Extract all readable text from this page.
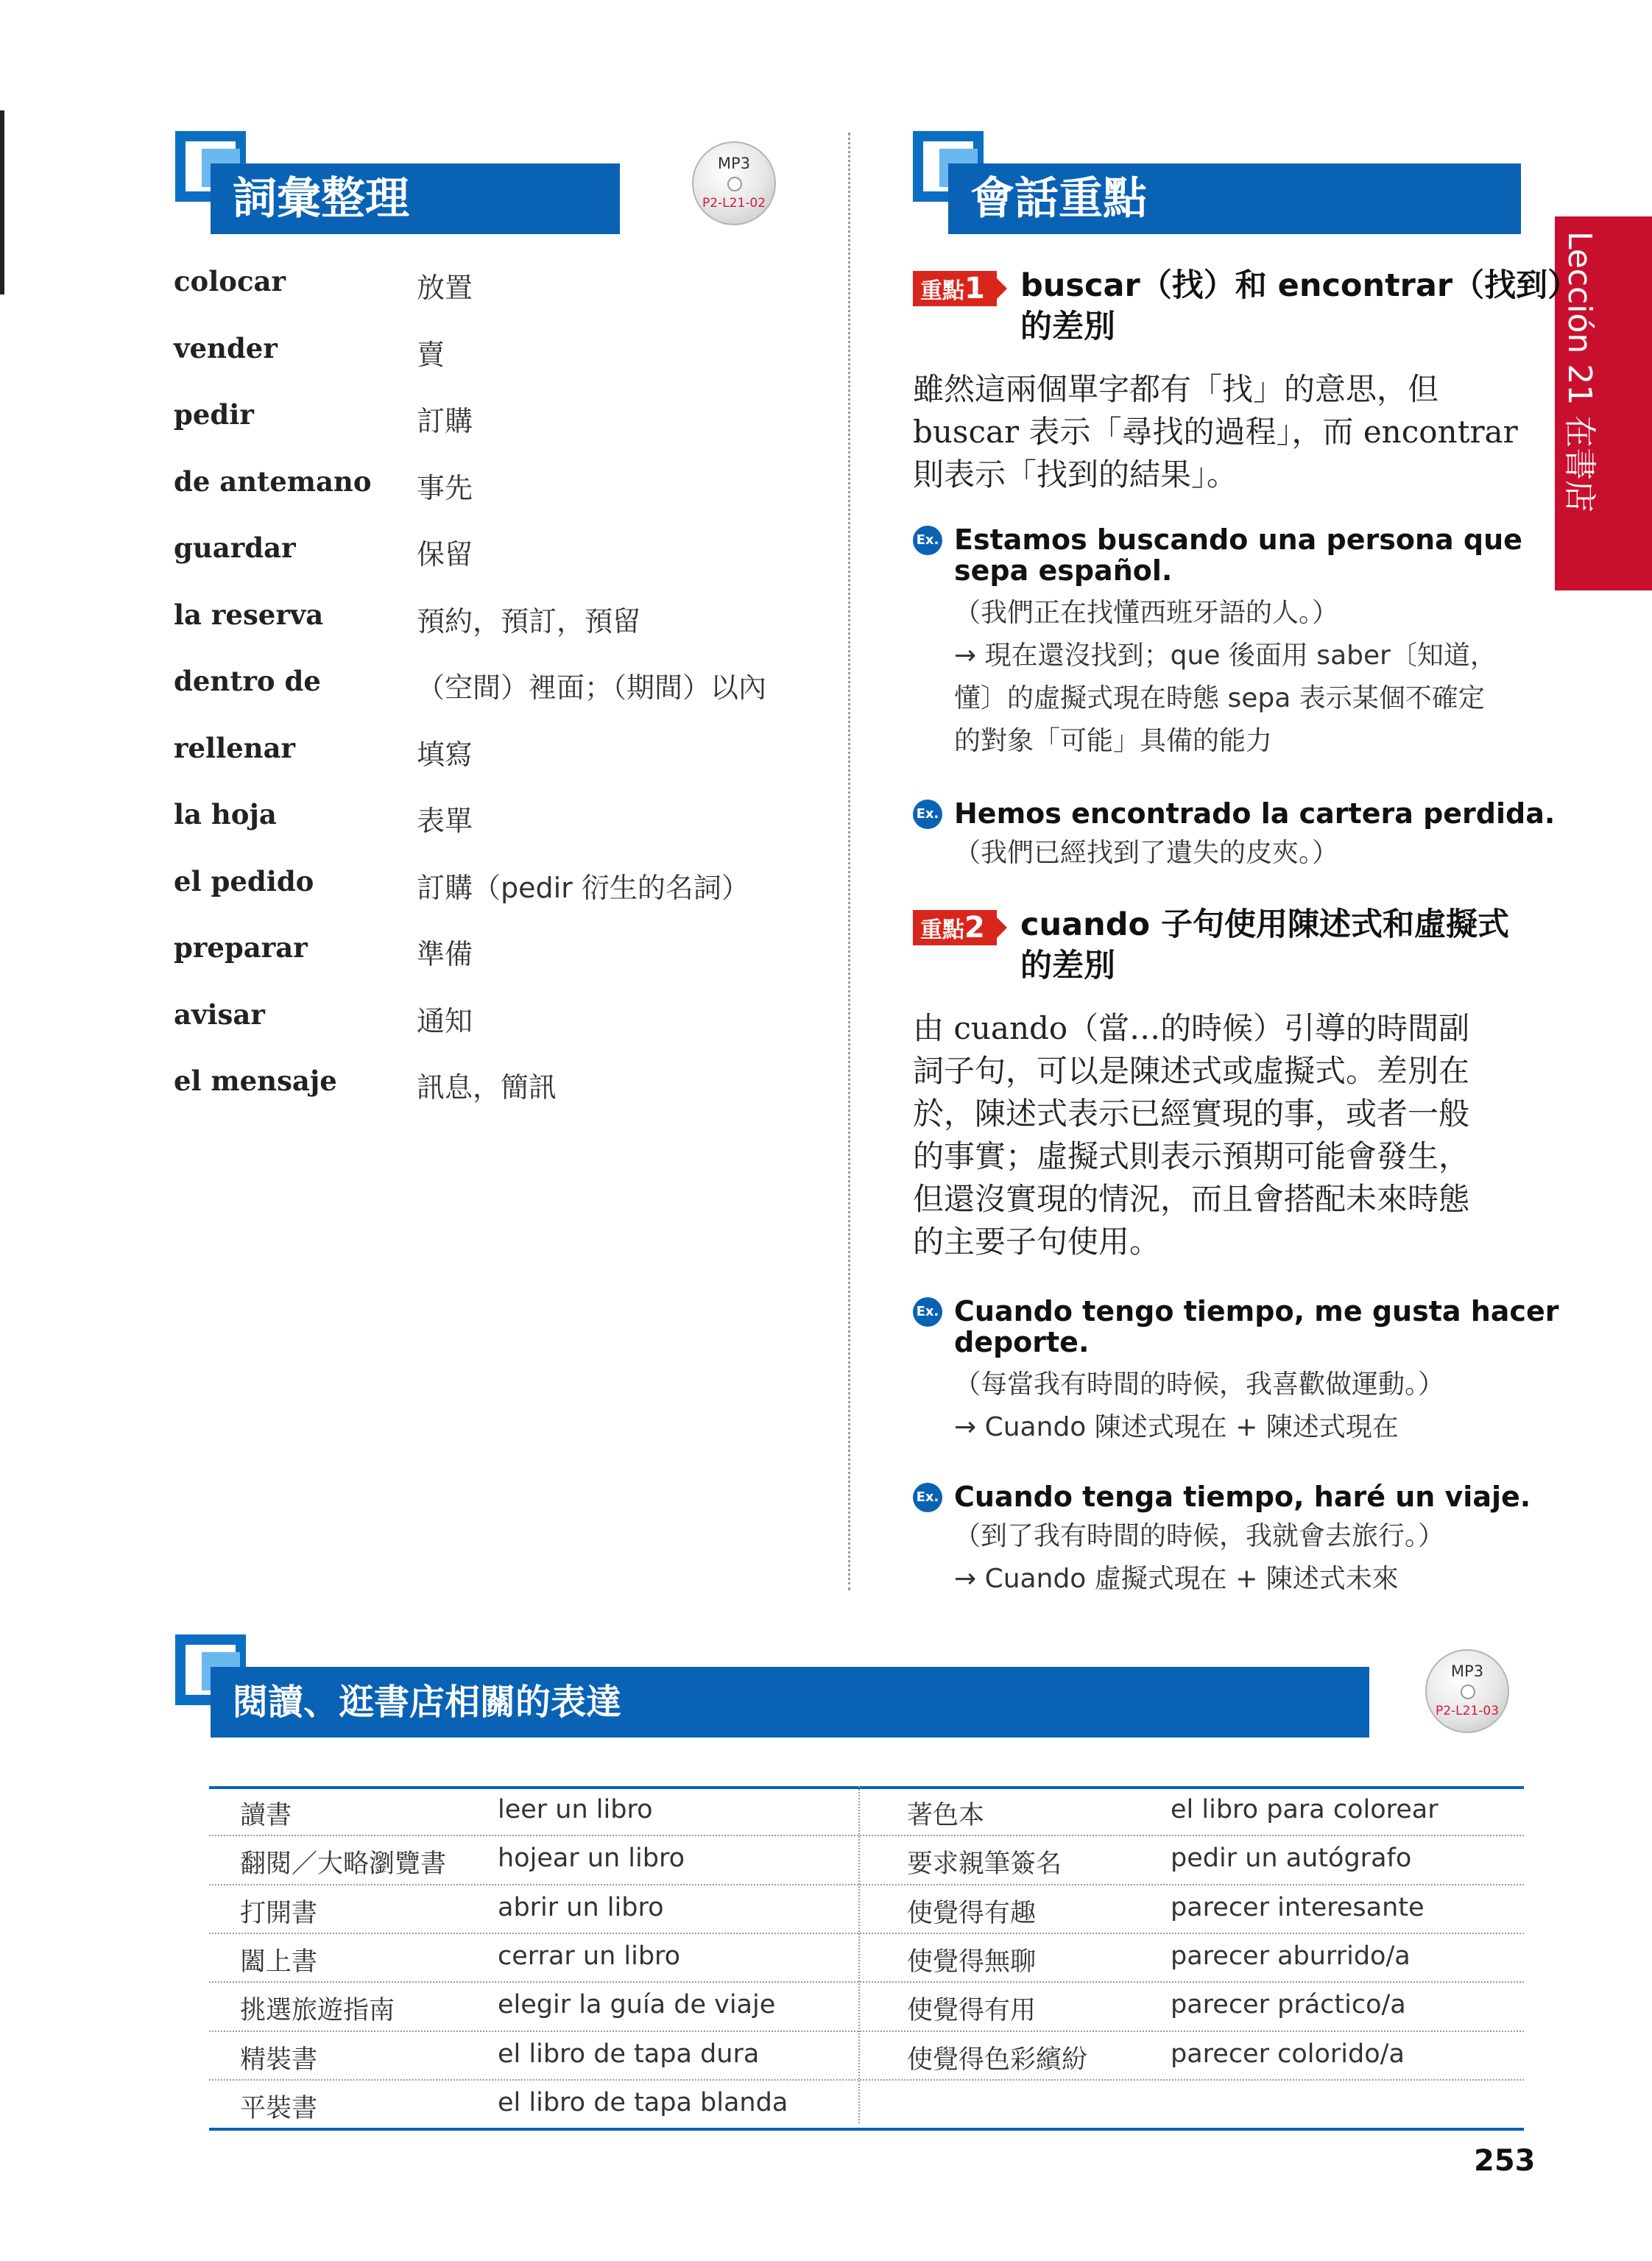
詞彙整理
MP3
P2-L21-02
colocar	放置
vender	賣
pedir	訂購
de antemano 事先
guardar	保留
la reserva	預約，預訂，預留
dentro de	（空間）裡面；（期間）以內
rellenar	填寫
la hoja	表單
el pedido	訂購（pedir 衍生的名詞）
preparar	準備
avisar	通知
el mensaje	訊息，簡訊
會話重點
Lección 21 在書店
重點1	buscar（找）和 encontrar（找到）
的差別
雖然這兩個單字都有「找」的意思，但
buscar 表示「尋找的過程」，而 encontrar
則表示「找到的結果」。
Ex. Estamos buscando una persona que
sepa español.
（我們正在找懂西班牙語的人。）
→ 現在還沒找到；que 後面用 saber〔知道，
懂〕的虛擬式現在時態 sepa 表示某個不確定
的對象「可能」具備的能力
Ex. Hemos encontrado la cartera perdida.
（我們已經找到了遺失的皮夾。）
重點2	cuando 子句使用陳述式和虛擬式
的差別
由 cuando（當…的時候）引導的時間副
詞子句，可以是陳述式或虛擬式。差別在
於，陳述式表示已經實現的事，或者一般
的事實；虛擬式則表示預期可能會發生，
但還沒實現的情況，而且會搭配未來時態
的主要子句使用。
Ex. Cuando tengo tiempo, me gusta hacer
deporte.
（每當我有時間的時候，我喜歡做運動。）
→ Cuando 陳述式現在 + 陳述式現在
Ex. Cuando tenga tiempo, haré un viaje.
（到了我有時間的時候，我就會去旅行。）
→ Cuando 虛擬式現在 + 陳述式未來
閱讀、逛書店相關的表達
MP3
P2-L21-03
讀書	leer un libro
翻閱／大略瀏覽書 hojear un libro
打開書	abrir un libro
闔上書	cerrar un libro
挑選旅遊指南	elegir la guía de viaje
精裝書	el libro de tapa dura
平裝書	el libro de tapa blanda
著色本	el libro para colorear
要求親筆簽名	pedir un autógrafo
使覺得有趣	parecer interesante
使覺得無聊	parecer aburrido/a
使覺得有用	parecer práctico/a
使覺得色彩繽紛	parecer colorido/a
253
